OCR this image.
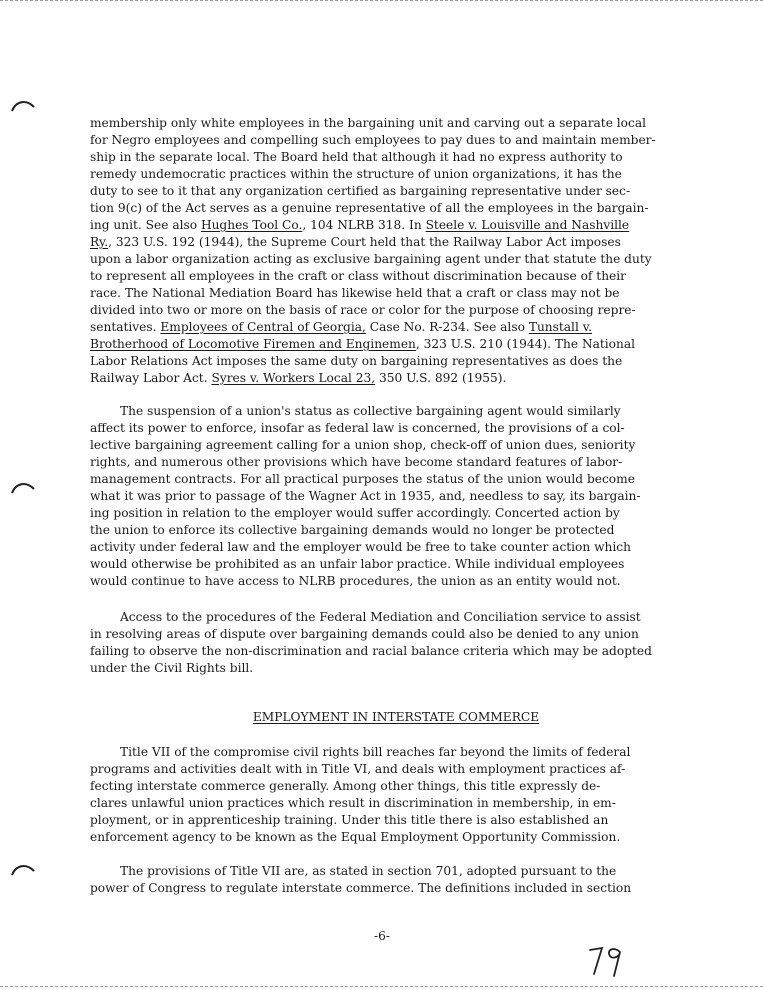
membership only white employees in the bargaining unit and carving out a separate local
for Negro employees and compelling such employees to pay dues to and maintain member-
ship in the separate local. The Board held that although it had no express authority to
remedy undemocratic practices within the structure of union organizations, it has the
duty to see to it that any organization certified as bargaining representative under sec-
tion 9(c) of the Act serves as a genuine representative of all the employees in the bargain-
ing unit. See also Hughes Tool Co., 104 NLRB 318. In Steele v. Louisville and Nashville
Ry., 323 U.S. 192 (1944), the Supreme Court held that the Railway Labor Act imposes
upon a labor organization acting as exclusive bargaining agent under that statute the duty
to represent all employees in the craft or class without discrimination because of their
race. The National Mediation Board has likewise held that a craft or class may not be
divided into two or more on the basis of race or color for the purpose of choosing repre-
sentatives. Employees of Central of Georgia, Case No. R-234. See also Tunstall v.
Brotherhood of Locomotive Firemen and Enginemen, 323 U.S. 210 (1944). The National
Labor Relations Act imposes the same duty on bargaining representatives as does the
Railway Labor Act. Syres v. Workers Local 23, 350 U.S. 892 (1955).
The suspension of a union's status as collective bargaining agent would similarly
affect its power to enforce, insofar as federal law is concerned, the provisions of a col-
lective bargaining agreement calling for a union shop, check-off of union dues, seniority
rights, and numerous other provisions which have become standard features of labor-
management contracts. For all practical purposes the status of the union would become
what it was prior to passage of the Wagner Act in 1935, and, needless to say, its bargain-
ing position in relation to the employer would suffer accordingly. Concerted action by
the union to enforce its collective bargaining demands would no longer be protected
activity under federal law and the employer would be free to take counter action which
would otherwise be prohibited as an unfair labor practice. While individual employees
would continue to have access to NLRB procedures, the union as an entity would not.
Access to the procedures of the Federal Mediation and Conciliation service to assist
in resolving areas of dispute over bargaining demands could also be denied to any union
failing to observe the non-discrimination and racial balance criteria which may be adopted
under the Civil Rights bill.
EMPLOYMENT IN INTERSTATE COMMERCE
Title VII of the compromise civil rights bill reaches far beyond the limits of federal
programs and activities dealt with in Title VI, and deals with employment practices af-
fecting interstate commerce generally. Among other things, this title expressly de-
clares unlawful union practices which result in discrimination in membership, in em-
ployment, or in apprenticeship training. Under this title there is also established an
enforcement agency to be known as the Equal Employment Opportunity Commission.
The provisions of Title VII are, as stated in section 701, adopted pursuant to the
power of Congress to regulate interstate commerce. The definitions included in section
-6-
